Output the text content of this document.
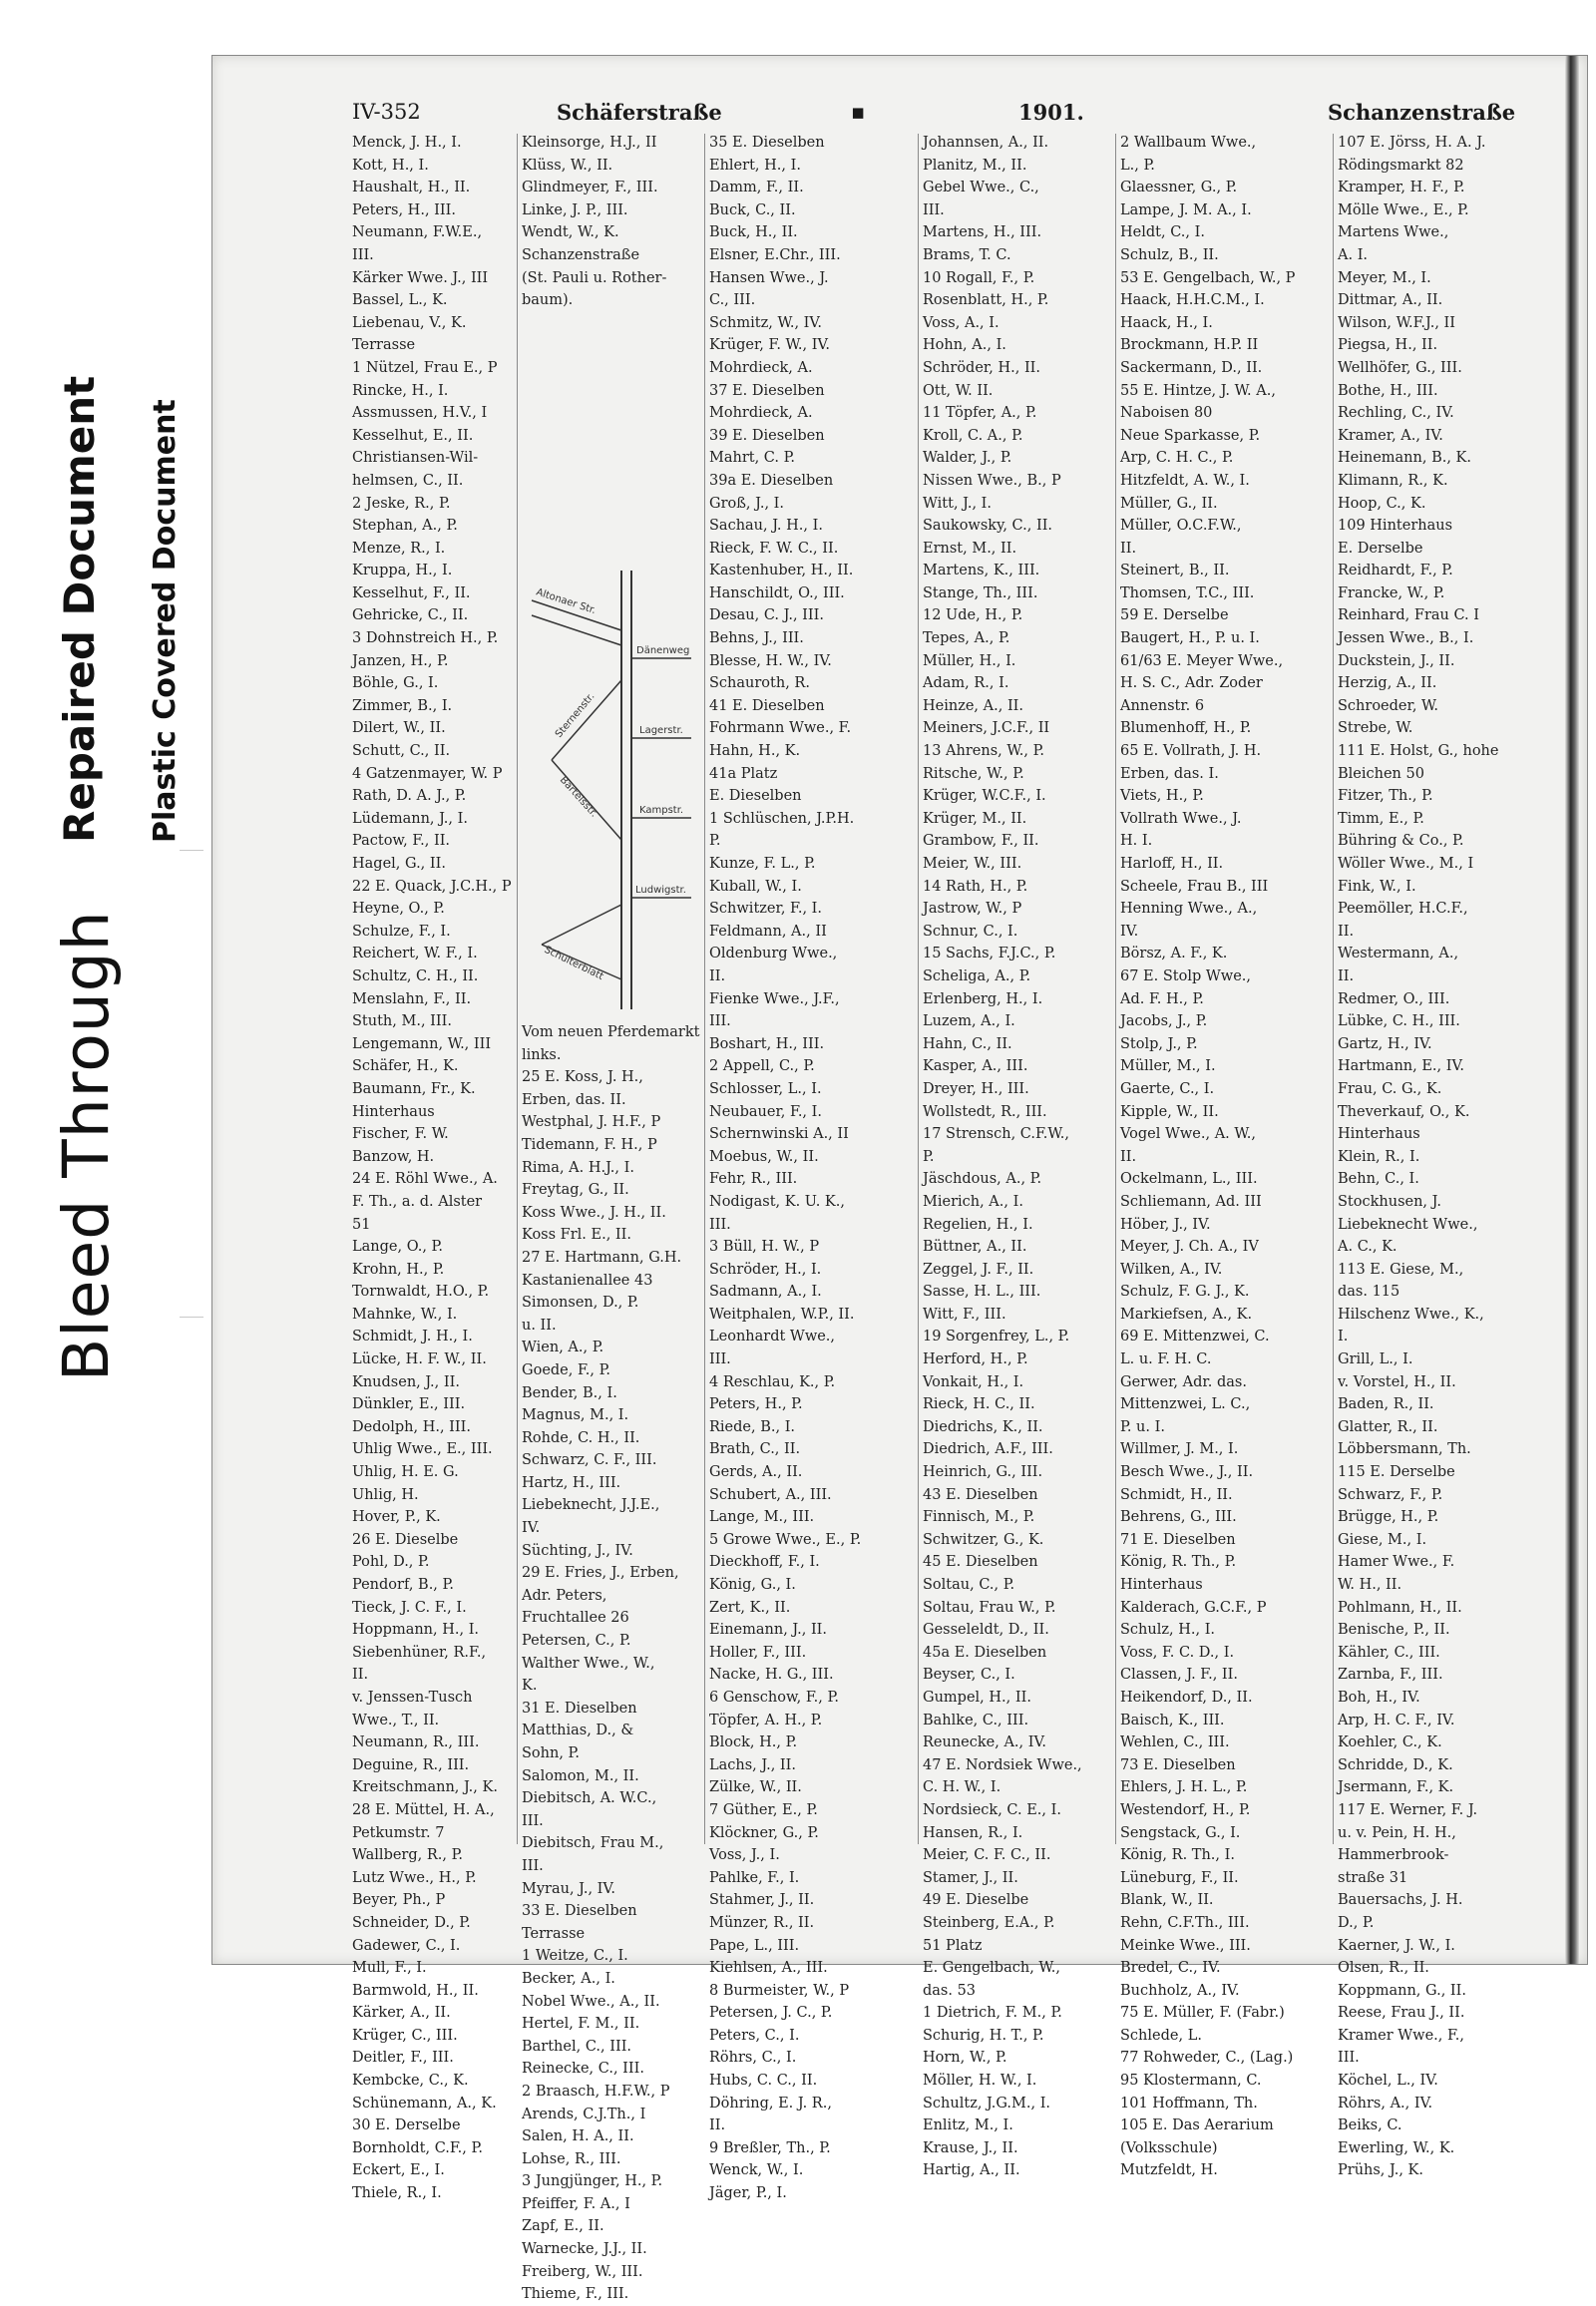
Bleed Through
Repaired Document Plastic Covered Document
IV-352	Schäferstraße	▪	1901.	Schanzenstraße
Menck, J. H., I.
Kott, H., I.
Haushalt, H., II.
Peters, H., III.
Neumann, F.W.E.,
III.
Kärker Wwe. J., III
Bassel, L., K.
Liebenau, V., K.
Terrasse
1 Nützel, Frau E., P
Rincke, H., I.
Assmussen, H.V., I
Kesselhut, E., II.
Christiansen-Wil-
helmsen, C., II.
2 Jeske, R., P.
Stephan, A., P.
Menze, R., I.
Kruppa, H., I.
Kesselhut, F., II.
Gehricke, C., II.
3 Dohnstreich H., P.
Janzen, H., P.
Böhle, G., I.
Zimmer, B., I.
Dilert, W., II.
Schutt, C., II.
4 Gatzenmayer, W. P
Rath, D. A. J., P.
Lüdemann, J., I.
Pactow, F., II.
Hagel, G., II.
22 E. Quack, J.C.H., P
Heyne, O., P.
Schulze, F., I.
Reichert, W. F., I.
Schultz, C. H., II.
Menslahn, F., II.
Stuth, M., III.
Lengemann, W., III
Schäfer, H., K.
Baumann, Fr., K.
Hinterhaus
Fischer, F. W.
Banzow, H.
24 E. Röhl Wwe., A.
F. Th., a. d. Alster
51
Lange, O., P.
Krohn, H., P.
Tornwaldt, H.O., P.
Mahnke, W., I.
Schmidt, J. H., I.
Lücke, H. F. W., II.
Knudsen, J., II.
Dünkler, E., III.
Dedolph, H., III.
Uhlig Wwe., E., III.
Uhlig, H. E. G.
Uhlig, H.
Hover, P., K.
26 E. Dieselbe
Pohl, D., P.
Pendorf, B., P.
Tieck, J. C. F., I.
Hoppmann, H., I.
Siebenhüner, R.F.,
II.
v. Jenssen-Tusch
Wwe., T., II.
Neumann, R., III.
Deguine, R., III.
Kreitschmann, J., K.
28 E. Müttel, H. A.,
Petkumstr. 7
Wallberg, R., P.
Lutz Wwe., H., P.
Beyer, Ph., P
Schneider, D., P.
Gadewer, C., I.
Mull, F., I.
Barmwold, H., II.
Kärker, A., II.
Krüger, C., III.
Deitler, F., III.
Kembcke, C., K.
Schünemann, A., K.
30 E. Derselbe
Bornholdt, C.F., P.
Eckert, E., I.
Thiele, R., I.
Kleinsorge, H.J., II
Klüss, W., II.
Glindmeyer, F., III.
Linke, J. P., III.
Wendt, W., K.
Schanzenstraße
(St. Pauli u. Rother-
baum).
Vom neuen Pferdemarkt
links.
25 E. Koss, J. H.,
Erben, das. II.
Westphal, J. H.F., P
Tidemann, F. H., P
Rima, A. H.J., I.
Freytag, G., II.
Koss Wwe., J. H., II.
Koss Frl. E., II.
27 E. Hartmann, G.H.
Kastanienallee 43
Simonsen, D., P.
u. II.
Wien, A., P.
Goede, F., P.
Bender, B., I.
Magnus, M., I.
Rohde, C. H., II.
Schwarz, C. F., III.
Hartz, H., III.
Liebeknecht, J.J.E.,
IV.
Süchting, J., IV.
29 E. Fries, J., Erben,
Adr. Peters,
Fruchtallee 26
Petersen, C., P.
Walther Wwe., W.,
K.
31 E. Dieselben
Matthias, D., &
Sohn, P.
Salomon, M., II.
Diebitsch, A. W.C.,
III.
Diebitsch, Frau M.,
III.
Myrau, J., IV.
33 E. Dieselben
Terrasse
1 Weitze, C., I.
Becker, A., I.
Nobel Wwe., A., II.
Hertel, F. M., II.
Barthel, C., III.
Reinecke, C., III.
2 Braasch, H.F.W., P
Arends, C.J.Th., I
Salen, H. A., II.
Lohse, R., III.
3 Jungjünger, H., P.
Pfeiffer, F. A., I
Zapf, E., II.
Warnecke, J.J., II.
Freiberg, W., III.
Thieme, F., III.
Altonaer Str.
Dänenweg
Sternenstr.	Lagerstr.
Bartelsstr.	Kampstr.
Ludwigstr.
Schulterblatt
35 E. Dieselben
Ehlert, H., I.
Damm, F., II.
Buck, C., II.
Buck, H., II.
Elsner, E.Chr., III.
Hansen Wwe., J.
C., III.
Schmitz, W., IV.
Krüger, F. W., IV.
Mohrdieck, A.
37 E. Dieselben
Mohrdieck, A.
39 E. Dieselben
Mahrt, C. P.
39a E. Dieselben
Groß, J., I.
Sachau, J. H., I.
Rieck, F. W. C., II.
Kastenhuber, H., II.
Hanschildt, O., III.
Desau, C. J., III.
Behns, J., III.
Blesse, H. W., IV.
Schauroth, R.
41 E. Dieselben
Fohrmann Wwe., F.
Hahn, H., K.
41a Platz
E. Dieselben
1 Schlüschen, J.P.H.
P.
Kunze, F. L., P.
Kuball, W., I.
Schwitzer, F., I.
Feldmann, A., II
Oldenburg Wwe.,
II.
Fienke Wwe., J.F.,
III.
Boshart, H., III.
2 Appell, C., P.
Schlosser, L., I.
Neubauer, F., I.
Schernwinski A., II
Moebus, W., II.
Fehr, R., III.
Nodigast, K. U. K.,
III.
3 Büll, H. W., P
Schröder, H., I.
Sadmann, A., I.
Weitphalen, W.P., II.
Leonhardt Wwe.,
III.
4 Reschlau, K., P.
Peters, H., P.
Riede, B., I.
Brath, C., II.
Gerds, A., II.
Schubert, A., III.
Lange, M., III.
5 Growe Wwe., E., P.
Dieckhoff, F., I.
König, G., I.
Zert, K., II.
Einemann, J., II.
Holler, F., III.
Nacke, H. G., III.
6 Genschow, F., P.
Töpfer, A. H., P.
Block, H., P.
Lachs, J., II.
Zülke, W., II.
7 Güther, E., P.
Klöckner, G., P.
Voss, J., I.
Pahlke, F., I.
Stahmer, J., II.
Münzer, R., II.
Pape, L., III.
Kiehlsen, A., III.
8 Burmeister, W., P
Petersen, J. C., P.
Peters, C., I.
Röhrs, C., I.
Hubs, C. C., II.
Döhring, E. J. R.,
II.
9 Breßler, Th., P.
Wenck, W., I.
Jäger, P., I.
Johannsen, A., II.
Planitz, M., II.
Gebel Wwe., C.,
III.
Martens, H., III.
Brams, T. C.
10 Rogall, F., P.
Rosenblatt, H., P.
Voss, A., I.
Hohn, A., I.
Schröder, H., II.
Ott, W. II.
11 Töpfer, A., P.
Kroll, C. A., P.
Walder, J., P.
Nissen Wwe., B., P
Witt, J., I.
Saukowsky, C., II.
Ernst, M., II.
Martens, K., III.
Stange, Th., III.
12 Ude, H., P.
Tepes, A., P.
Müller, H., I.
Adam, R., I.
Heinze, A., II.
Meiners, J.C.F., II
13 Ahrens, W., P.
Ritsche, W., P.
Krüger, W.C.F., I.
Krüger, M., II.
Grambow, F., II.
Meier, W., III.
14 Rath, H., P.
Jastrow, W., P
Schnur, C., I.
15 Sachs, F.J.C., P.
Scheliga, A., P.
Erlenberg, H., I.
Luzem, A., I.
Hahn, C., II.
Kasper, A., III.
Dreyer, H., III.
Wollstedt, R., III.
17 Strensch, C.F.W.,
P.
Jäschdous, A., P.
Mierich, A., I.
Regelien, H., I.
Büttner, A., II.
Zeggel, J. F., II.
Sasse, H. L., III.
Witt, F., III.
19 Sorgenfrey, L., P.
Herford, H., P.
Vonkait, H., I.
Rieck, H. C., II.
Diedrichs, K., II.
Diedrich, A.F., III.
Heinrich, G., III.
43 E. Dieselben
Finnisch, M., P.
Schwitzer, G., K.
45 E. Dieselben
Soltau, C., P.
Soltau, Frau W., P.
Gesseleldt, D., II.
45a E. Dieselben
Beyser, C., I.
Gumpel, H., II.
Bahlke, C., III.
Reunecke, A., IV.
47 E. Nordsiek Wwe.,
C. H. W., I.
Nordsieck, C. E., I.
Hansen, R., I.
Meier, C. F. C., II.
Stamer, J., II.
49 E. Dieselbe
Steinberg, E.A., P.
51 Platz
E. Gengelbach, W.,
das. 53
1 Dietrich, F. M., P.
Schurig, H. T., P.
Horn, W., P.
Möller, H. W., I.
Schultz, J.G.M., I.
Enlitz, M., I.
Krause, J., II.
Hartig, A., II.
2 Wallbaum Wwe.,
L., P.
Glaessner, G., P.
Lampe, J. M. A., I.
Heldt, C., I.
Schulz, B., II.
53 E. Gengelbach, W., P
Haack, H.H.C.M., I.
Haack, H., I.
Brockmann, H.P. II
Sackermann, D., II.
55 E. Hintze, J. W. A.,
Naboisen 80
Neue Sparkasse, P.
Arp, C. H. C., P.
Hitzfeldt, A. W., I.
Müller, G., II.
Müller, O.C.F.W.,
II.
Steinert, B., II.
Thomsen, T.C., III.
59 E. Derselbe
Baugert, H., P. u. I.
61/63 E. Meyer Wwe.,
H. S. C., Adr. Zoder
Annenstr. 6
Blumenhoff, H., P.
65 E. Vollrath, J. H.
Erben, das. I.
Viets, H., P.
Vollrath Wwe., J.
H. I.
Harloff, H., II.
Scheele, Frau B., III
Henning Wwe., A.,
IV.
Börsz, A. F., K.
67 E. Stolp Wwe.,
Ad. F. H., P.
Jacobs, J., P.
Stolp, J., P.
Müller, M., I.
Gaerte, C., I.
Kipple, W., II.
Vogel Wwe., A. W.,
II.
Ockelmann, L., III.
Schliemann, Ad. III
Höber, J., IV.
Meyer, J. Ch. A., IV
Wilken, A., IV.
Schulz, F. G. J., K.
Markiefsen, A., K.
69 E. Mittenzwei, C.
L. u. F. H. C.
Gerwer, Adr. das.
Mittenzwei, L. C.,
P. u. I.
Willmer, J. M., I.
Besch Wwe., J., II.
Schmidt, H., II.
Behrens, G., III.
71 E. Dieselben
König, R. Th., P.
Hinterhaus
Kalderach, G.C.F., P
Schulz, H., I.
Voss, F. C. D., I.
Classen, J. F., II.
Heikendorf, D., II.
Baisch, K., III.
Wehlen, C., III.
73 E. Dieselben
Ehlers, J. H. L., P.
Westendorf, H., P.
Sengstack, G., I.
König, R. Th., I.
Lüneburg, F., II.
Blank, W., II.
Rehn, C.F.Th., III.
Meinke Wwe., III.
Bredel, C., IV.
Buchholz, A., IV.
75 E. Müller, F. (Fabr.)
Schlede, L.
77 Rohweder, C., (Lag.)
95 Klostermann, C.
101 Hoffmann, Th.
105 E. Das Aerarium
(Volksschule)
Mutzfeldt, H.
107 E. Jörss, H. A. J.
Rödingsmarkt 82
Kramper, H. F., P.
Mölle Wwe., E., P.
Martens Wwe.,
A. I.
Meyer, M., I.
Dittmar, A., II.
Wilson, W.F.J., II
Piegsa, H., II.
Wellhöfer, G., III.
Bothe, H., III.
Rechling, C., IV.
Kramer, A., IV.
Heinemann, B., K.
Klimann, R., K.
Hoop, C., K.
109 Hinterhaus
E. Derselbe
Reidhardt, F., P.
Francke, W., P.
Reinhard, Frau C. I
Jessen Wwe., B., I.
Duckstein, J., II.
Herzig, A., II.
Schroeder, W.
Strebe, W.
111 E. Holst, G., hohe
Bleichen 50
Fitzer, Th., P.
Timm, E., P.
Bühring & Co., P.
Wöller Wwe., M., I
Fink, W., I.
Peemöller, H.C.F.,
II.
Westermann, A.,
II.
Redmer, O., III.
Lübke, C. H., III.
Gartz, H., IV.
Hartmann, E., IV.
Frau, C. G., K.
Theverkauf, O., K.
Hinterhaus
Klein, R., I.
Behn, C., I.
Stockhusen, J.
Liebeknecht Wwe.,
A. C., K.
113 E. Giese, M.,
das. 115
Hilschenz Wwe., K.,
I.
Grill, L., I.
v. Vorstel, H., II.
Baden, R., II.
Glatter, R., II.
Löbbersmann, Th.
115 E. Derselbe
Schwarz, F., P.
Brügge, H., P.
Giese, M., I.
Hamer Wwe., F.
W. H., II.
Pohlmann, H., II.
Benische, P., II.
Kähler, C., III.
Zarnba, F., III.
Boh, H., IV.
Arp, H. C. F., IV.
Koehler, C., K.
Schridde, D., K.
Jsermann, F., K.
117 E. Werner, F. J.
u. v. Pein, H. H.,
Hammerbrook-
straße 31
Bauersachs, J. H.
D., P.
Kaerner, J. W., I.
Olsen, R., II.
Koppmann, G., II.
Reese, Frau J., II.
Kramer Wwe., F.,
III.
Köchel, L., IV.
Röhrs, A., IV.
Beiks, C.
Ewerling, W., K.
Prühs, J., K.
